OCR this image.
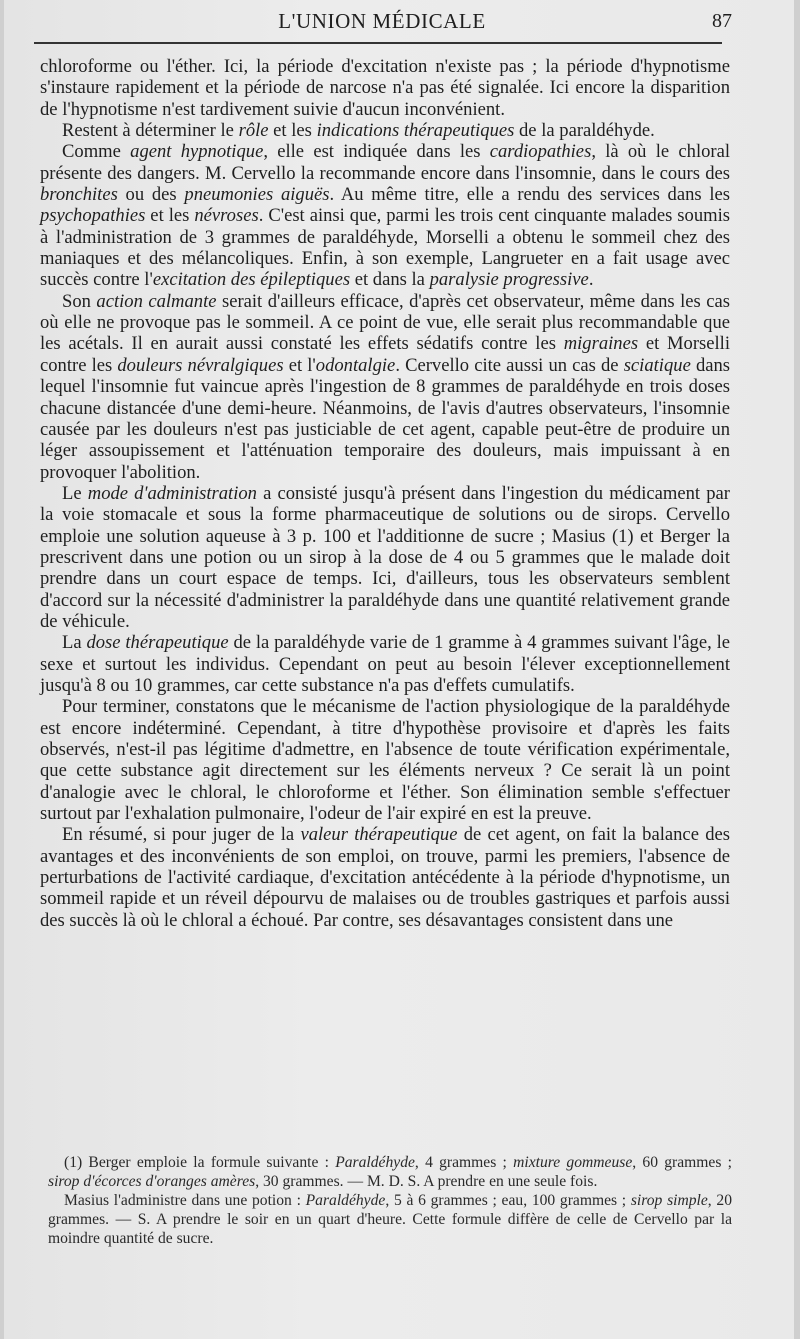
L'UNION MÉDICALE	87

chloroforme ou l'éther. Ici, la période d'excitation n'existe pas ; la période d'hypnotisme s'instaure rapidement et la période de narcose n'a pas été signalée. Ici encore la disparition de l'hypnotisme n'est tardivement suivie d'aucun inconvénient.

Restent à déterminer le rôle et les indications thérapeutiques de la paraldéhyde.

Comme agent hypnotique, elle est indiquée dans les cardiopathies, là où le chloral présente des dangers. M. Cervello la recommande encore dans l'insomnie, dans le cours des bronchites ou des pneumonies aiguës. Au même titre, elle a rendu des services dans les psychopathies et les névroses. C'est ainsi que, parmi les trois cent cinquante malades soumis à l'administration de 3 grammes de paraldéhyde, Morselli a obtenu le sommeil chez des maniaques et des mélancoliques. Enfin, à son exemple, Langrueter en a fait usage avec succès contre l'excitation des épileptiques et dans la paralysie progressive.

Son action calmante serait d'ailleurs efficace, d'après cet observateur, même dans les cas où elle ne provoque pas le sommeil. A ce point de vue, elle serait plus recommandable que les acétals. Il en aurait aussi constaté les effets sédatifs contre les migraines et Morselli contre les douleurs névralgiques et l'odontalgie. Cervello cite aussi un cas de sciatique dans lequel l'insomnie fut vaincue après l'ingestion de 8 grammes de paraldéhyde en trois doses chacune distancée d'une demi-heure. Néanmoins, de l'avis d'autres observateurs, l'insomnie causée par les douleurs n'est pas justiciable de cet agent, capable peut-être de produire un léger assoupissement et l'atténuation temporaire des douleurs, mais impuissant à en provoquer l'abolition.

Le mode d'administration a consisté jusqu'à présent dans l'ingestion du médicament par la voie stomacale et sous la forme pharmaceutique de solutions ou de sirops. Cervello emploie une solution aqueuse à 3 p. 100 et l'additionne de sucre ; Masius (1) et Berger la prescrivent dans une potion ou un sirop à la dose de 4 ou 5 grammes que le malade doit prendre dans un court espace de temps. Ici, d'ailleurs, tous les observateurs semblent d'accord sur la nécessité d'administrer la paraldéhyde dans une quantité relativement grande de véhicule.

La dose thérapeutique de la paraldéhyde varie de 1 gramme à 4 grammes suivant l'âge, le sexe et surtout les individus. Cependant on peut au besoin l'élever exceptionnellement jusqu'à 8 ou 10 grammes, car cette substance n'a pas d'effets cumulatifs.

Pour terminer, constatons que le mécanisme de l'action physiologique de la paraldéhyde est encore indéterminé. Cependant, à titre d'hypothèse provisoire et d'après les faits observés, n'est-il pas légitime d'admettre, en l'absence de toute vérification expérimentale, que cette substance agit directement sur les éléments nerveux ? Ce serait là un point d'analogie avec le chloral, le chloroforme et l'éther. Son élimination semble s'effectuer surtout par l'exhalation pulmonaire, l'odeur de l'air expiré en est la preuve.

En résumé, si pour juger de la valeur thérapeutique de cet agent, on fait la balance des avantages et des inconvénients de son emploi, on trouve, parmi les premiers, l'absence de perturbations de l'activité cardiaque, d'excitation antécédente à la période d'hypnotisme, un sommeil rapide et un réveil dépourvu de malaises ou de troubles gastriques et parfois aussi des succès là où le chloral a échoué. Par contre, ses désavantages consistent dans une

(1) Berger emploie la formule suivante : Paraldéhyde, 4 grammes ; mixture gommeuse, 60 grammes ; sirop d'écorces d'oranges amères, 30 grammes. — M. D. S. A prendre en une seule fois.

Masius l'administre dans une potion : Paraldéhyde, 5 à 6 grammes ; eau, 100 grammes ; sirop simple, 20 grammes. — S. A prendre le soir en un quart d'heure. Cette formule diffère de celle de Cervello par la moindre quantité de sucre.
